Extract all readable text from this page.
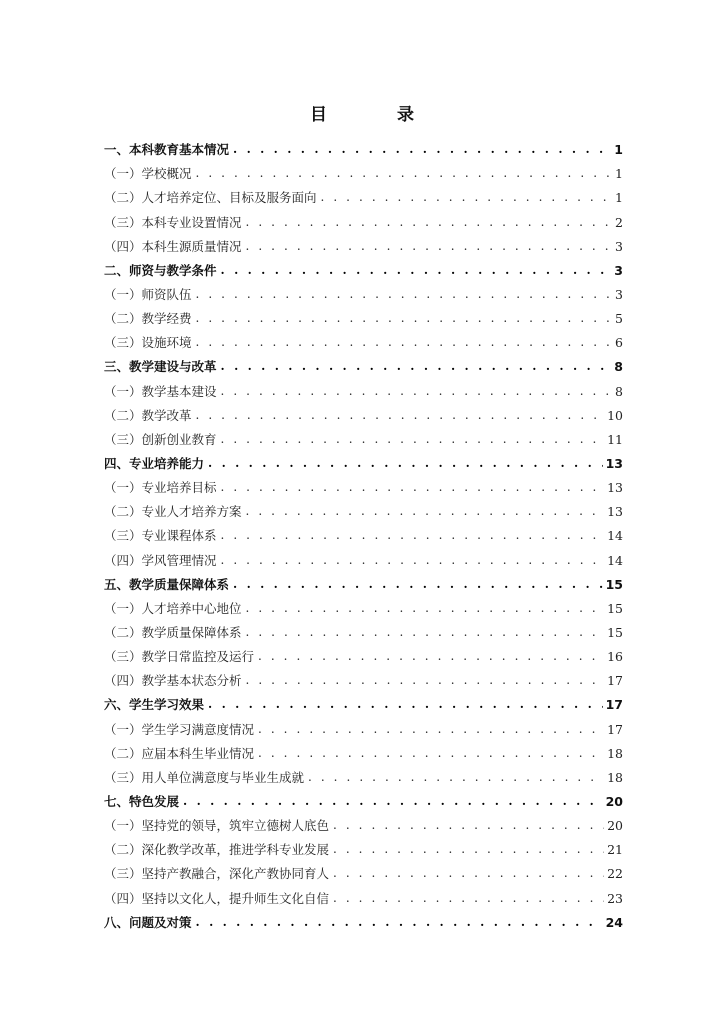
目 录
一、本科教育基本情况 . . .	1
（一）学校概况 . . .	1
（二）人才培养定位、目标及服务面向 . . .	1
（三）本科专业设置情况 . . .	2
（四）本科生源质量情况 . . .	3
二、师资与教学条件 . . .	3
（一）师资队伍 . . .	3
（二）教学经费 . . .	5
（三）设施环境 . . .	6
三、教学建设与改革 . . .	8
（一）教学基本建设 . . .	8
（二）教学改革 . . .	10
（三）创新创业教育 . . .	11
四、专业培养能力 . . .	13
（一）专业培养目标 . . .	13
（二）专业人才培养方案 . . .	13
（三）专业课程体系 . . .	14
（四）学风管理情况 . . .	14
五、教学质量保障体系 . . .	15
（一）人才培养中心地位 . . .	15
（二）教学质量保障体系 . . .	15
（三）教学日常监控及运行 . . .	16
（四）教学基本状态分析 . . .	17
六、学生学习效果 . . .	17
（一）学生学习满意度情况 . . .	17
（二）应届本科生毕业情况 . . .	18
（三）用人单位满意度与毕业生成就 . . .	18
七、特色发展 . . .	20
（一）坚持党的领导，筑牢立德树人底色 . . .	20
（二）深化教学改革，推进学科专业发展 . . .	21
（三）坚持产教融合，深化产教协同育人 . . .	22
（四）坚持以文化人，提升师生文化自信 . . .	23
八、问题及对策 . . .	24
